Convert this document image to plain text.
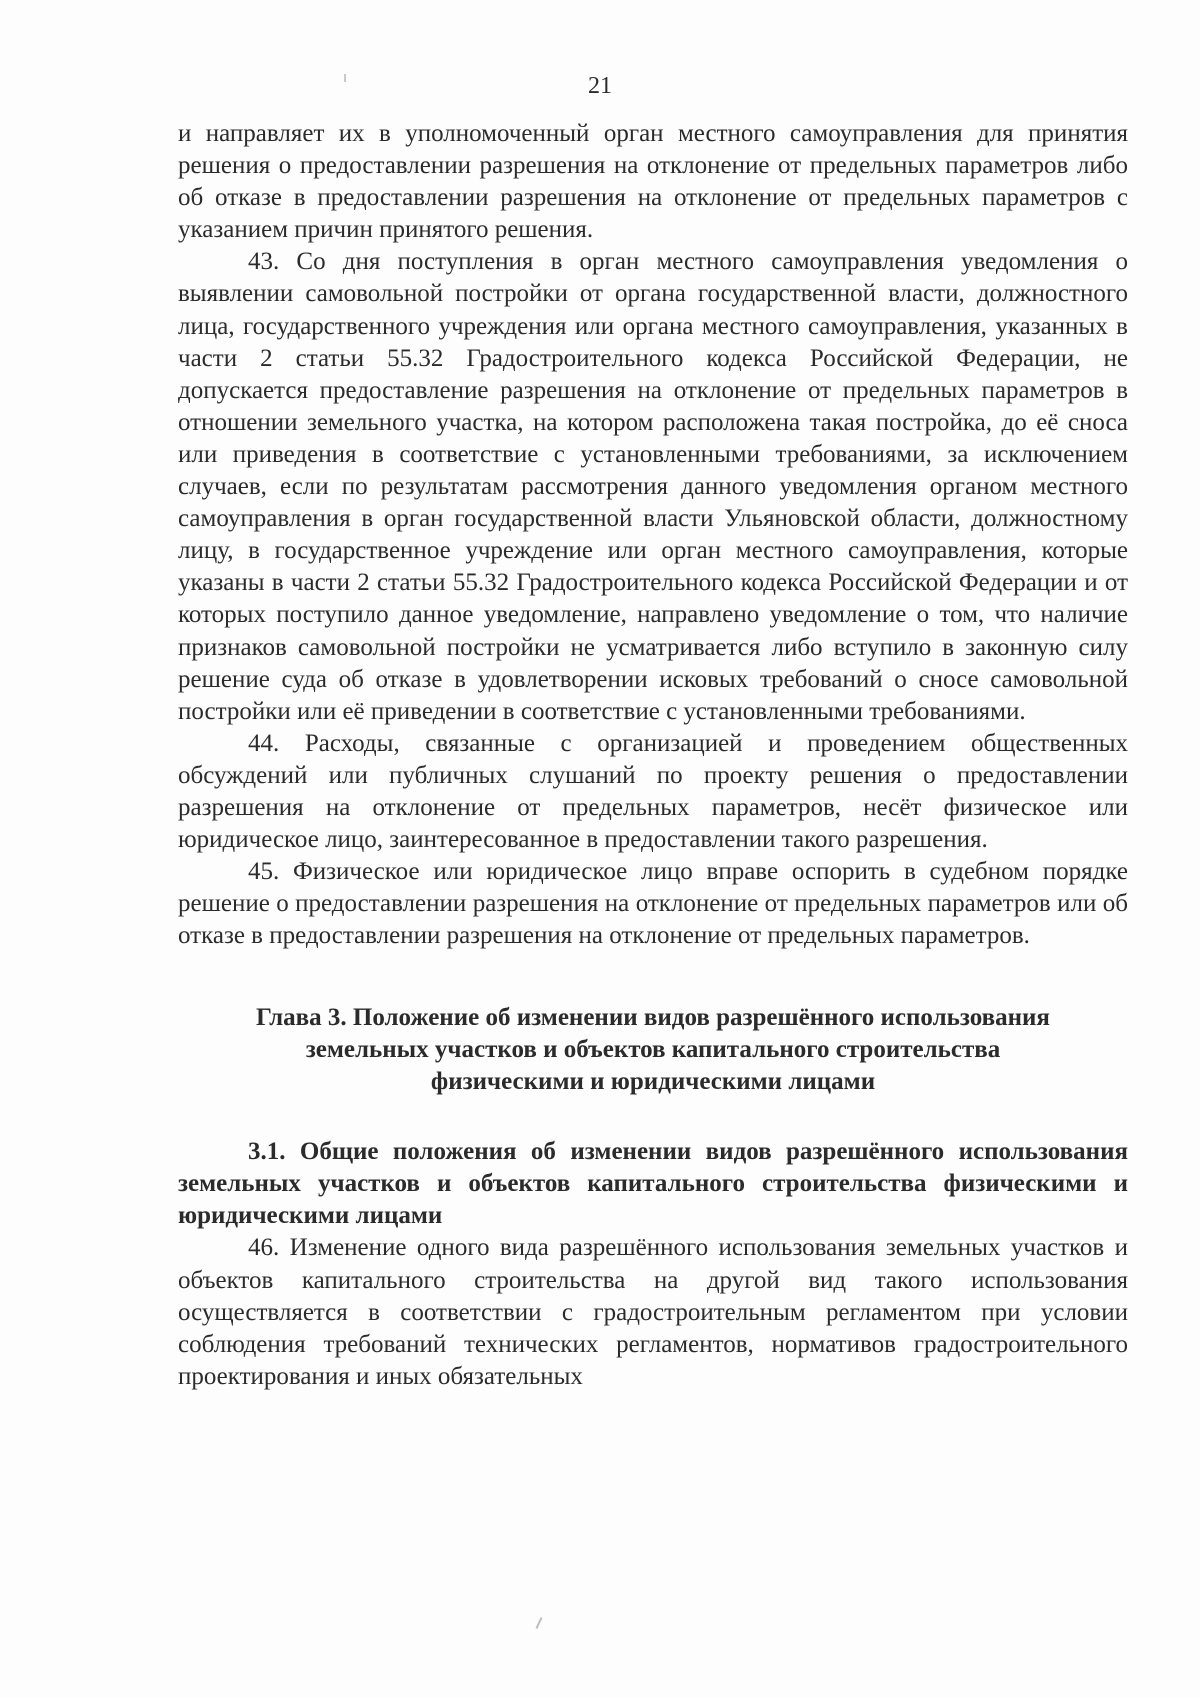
21

и направляет их в уполномоченный орган местного самоуправления для принятия решения о предоставлении разрешения на отклонение от предельных параметров либо об отказе в предоставлении разрешения на отклонение от предельных параметров с указанием причин принятого решения.

43. Со дня поступления в орган местного самоуправления уведомления о выявлении самовольной постройки от органа государственной власти, должностного лица, государственного учреждения или органа местного самоуправления, указанных в части 2 статьи 55.32 Градостроительного кодекса Российской Федерации, не допускается предоставление разрешения на отклонение от предельных параметров в отношении земельного участка, на котором расположена такая постройка, до её сноса или приведения в соответствие с установленными требованиями, за исключением случаев, если по результатам рассмотрения данного уведомления органом местного самоуправления в орган государственной власти Ульяновской области, должностному лицу, в государственное учреждение или орган местного самоуправления, которые указаны в части 2 статьи 55.32 Градостроительного кодекса Российской Федерации и от которых поступило данное уведомление, направлено уведомление о том, что наличие признаков самовольной постройки не усматривается либо вступило в законную силу решение суда об отказе в удовлетворении исковых требований о сносе самовольной постройки или её приведении в соответствие с установленными требованиями.

44. Расходы, связанные с организацией и проведением общественных обсуждений или публичных слушаний по проекту решения о предоставлении разрешения на отклонение от предельных параметров, несёт физическое или юридическое лицо, заинтересованное в предоставлении такого разрешения.

45. Физическое или юридическое лицо вправе оспорить в судебном порядке решение о предоставлении разрешения на отклонение от предельных параметров или об отказе в предоставлении разрешения на отклонение от предельных параметров.

Глава 3. Положение об изменении видов разрешённого использования
земельных участков и объектов капитального строительства
физическими и юридическими лицами

3.1. Общие положения об изменении видов разрешённого использования земельных участков и объектов капитального строительства физическими и юридическими лицами

46. Изменение одного вида разрешённого использования земельных участков и объектов капитального строительства на другой вид такого использования осуществляется в соответствии с градостроительным регламентом при условии соблюдения требований технических регламентов, нормативов градостроительного проектирования и иных обязательных
